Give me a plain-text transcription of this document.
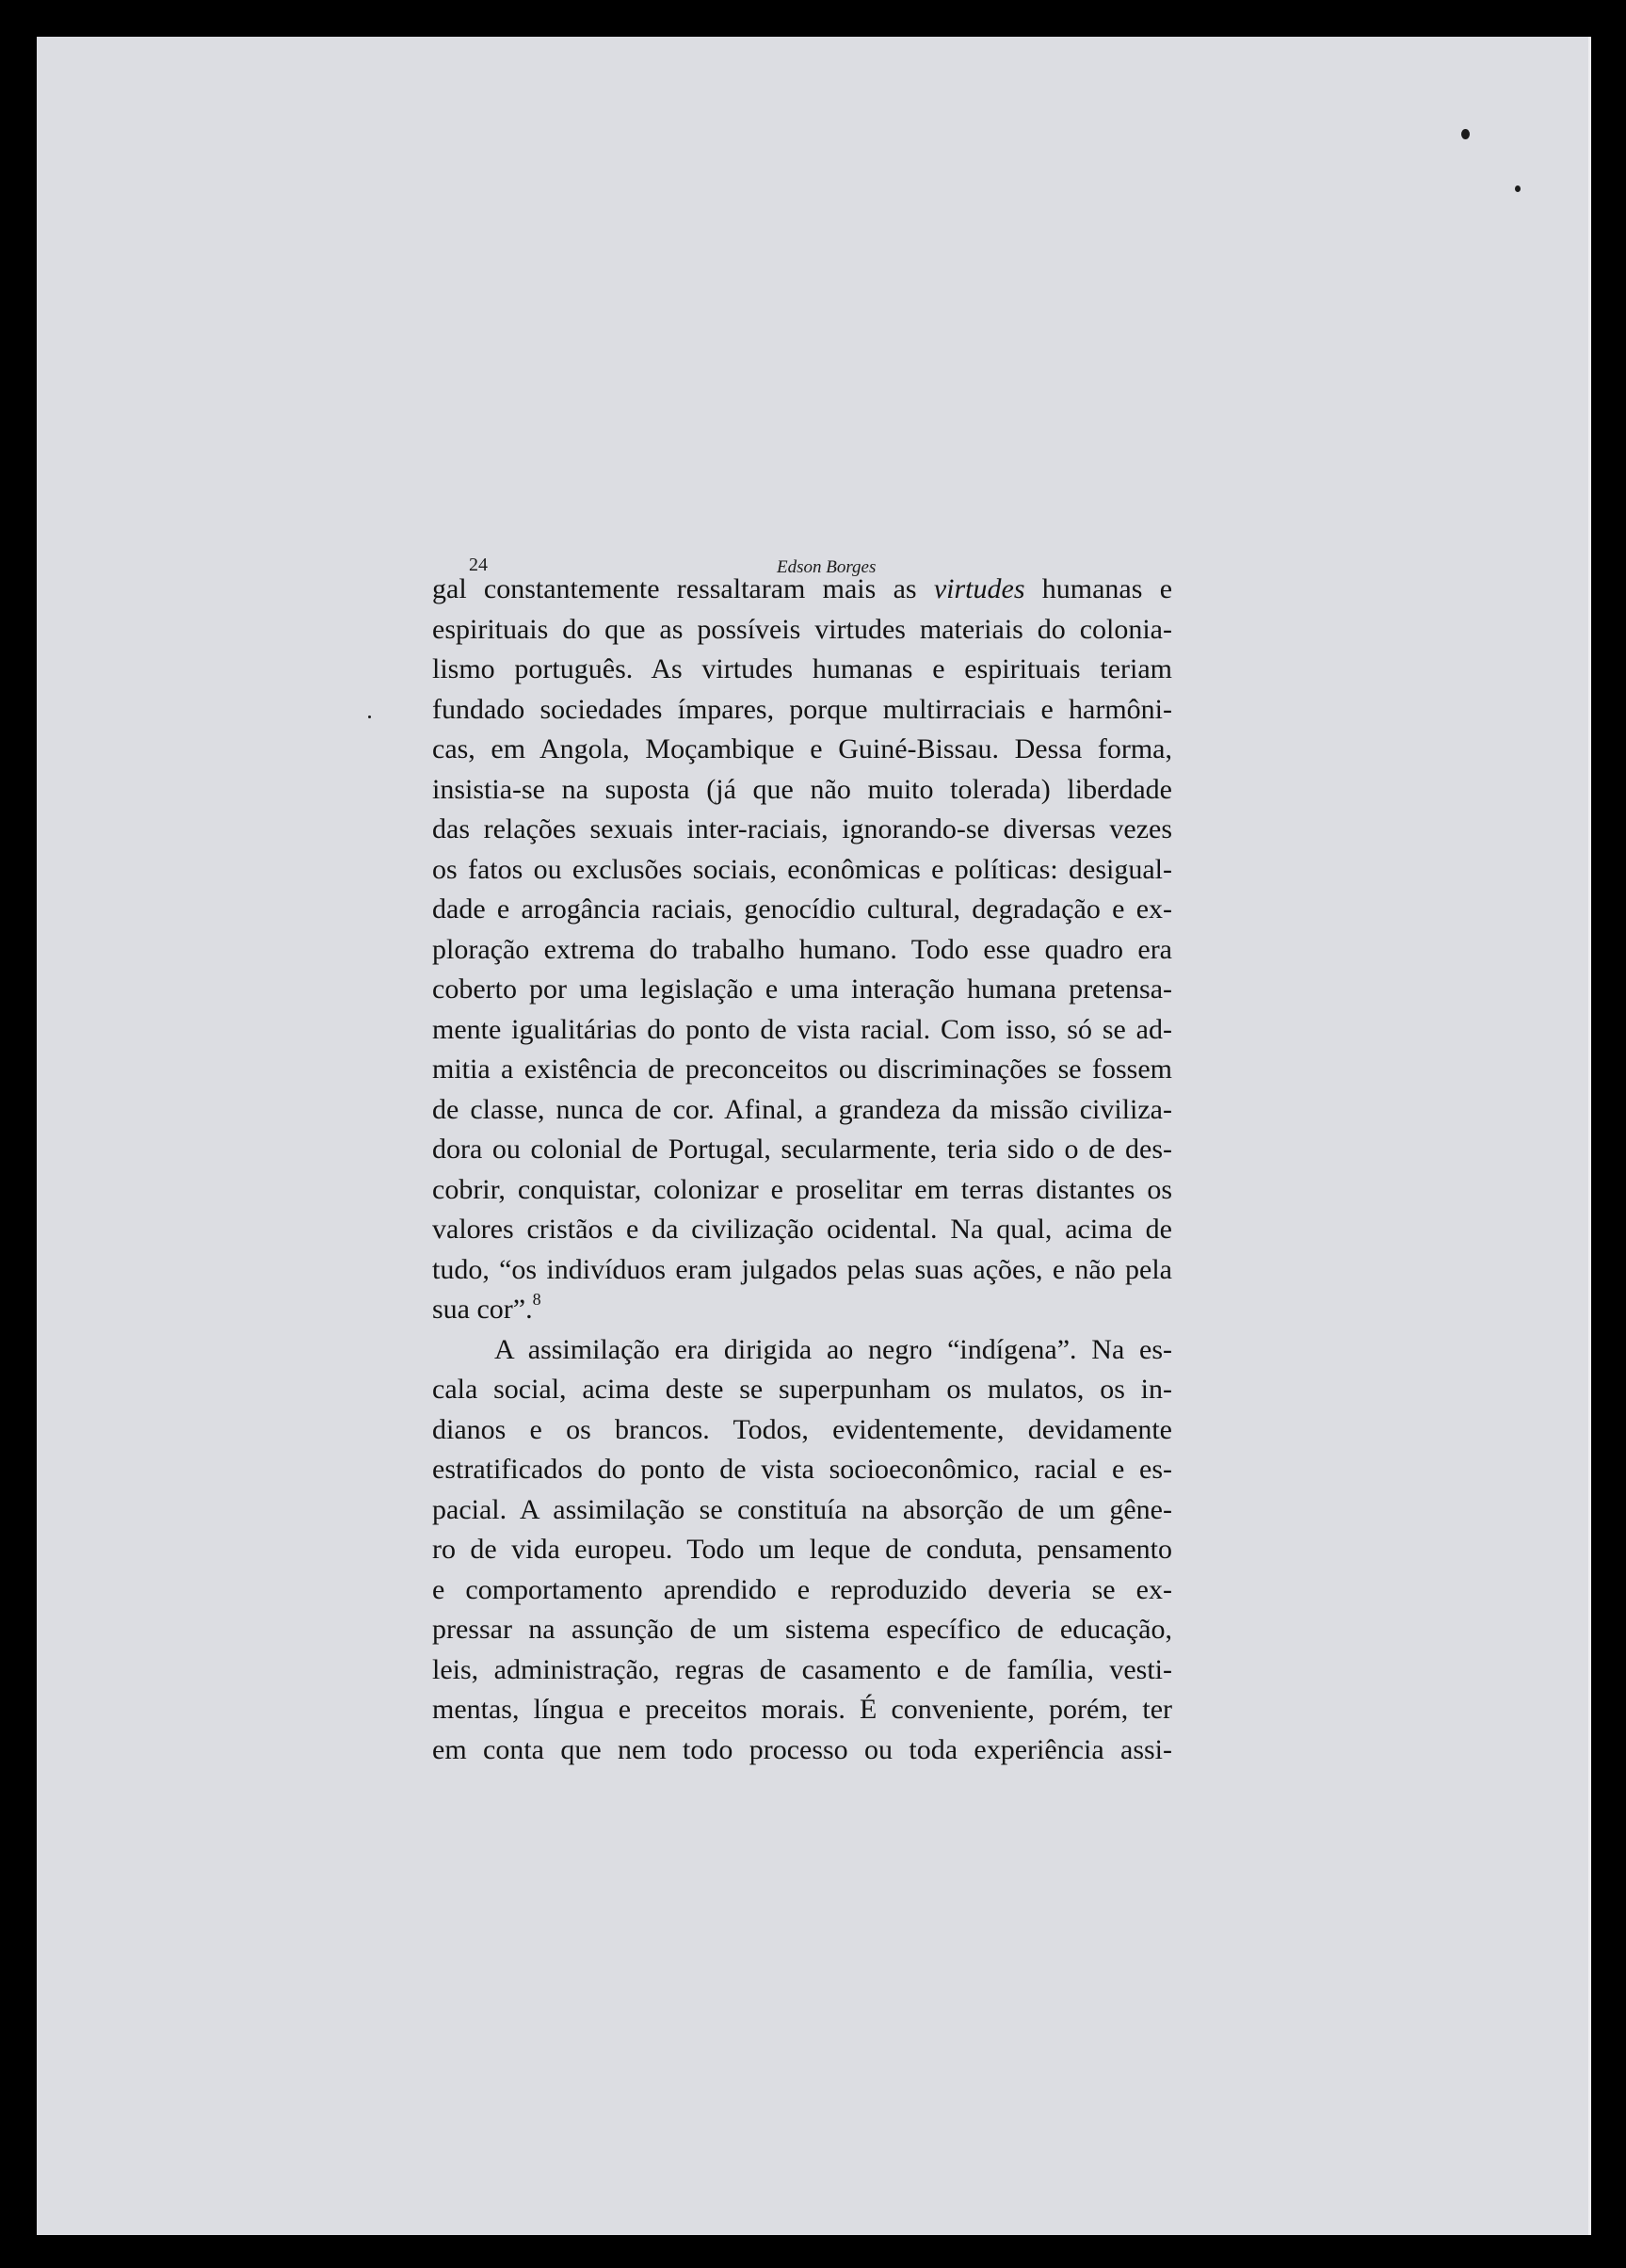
24	Edson Borges
gal constantemente ressaltaram mais as virtudes humanas e
espirituais do que as possíveis virtudes materiais do colonia-
lismo português. As virtudes humanas e espirituais teriam
fundado sociedades ímpares, porque multirraciais e harmôni-
cas, em Angola, Moçambique e Guiné-Bissau. Dessa forma,
insistia-se na suposta (já que não muito tolerada) liberdade
das relações sexuais inter-raciais, ignorando-se diversas vezes
os fatos ou exclusões sociais, econômicas e políticas: desigual-
dade e arrogância raciais, genocídio cultural, degradação e ex-
ploração extrema do trabalho humano. Todo esse quadro era
coberto por uma legislação e uma interação humana pretensa-
mente igualitárias do ponto de vista racial. Com isso, só se ad-
mitia a existência de preconceitos ou discriminações se fossem
de classe, nunca de cor. Afinal, a grandeza da missão civiliza-
dora ou colonial de Portugal, secularmente, teria sido o de des-
cobrir, conquistar, colonizar e proselitar em terras distantes os
valores cristãos e da civilização ocidental. Na qual, acima de
tudo, “os indivíduos eram julgados pelas suas ações, e não pela
sua cor”.$^8$
A assimilação era dirigida ao negro “indígena”. Na es-
cala social, acima deste se superpunham os mulatos, os in-
dianos e os brancos. Todos, evidentemente, devidamente
estratificados do ponto de vista socioeconômico, racial e es-
pacial. A assimilação se constituía na absorção de um gêne-
ro de vida europeu. Todo um leque de conduta, pensamento
e comportamento aprendido e reproduzido deveria se ex-
pressar na assunção de um sistema específico de educação,
leis, administração, regras de casamento e de família, vesti-
mentas, língua e preceitos morais. É conveniente, porém, ter
em conta que nem todo processo ou toda experiência assi-
